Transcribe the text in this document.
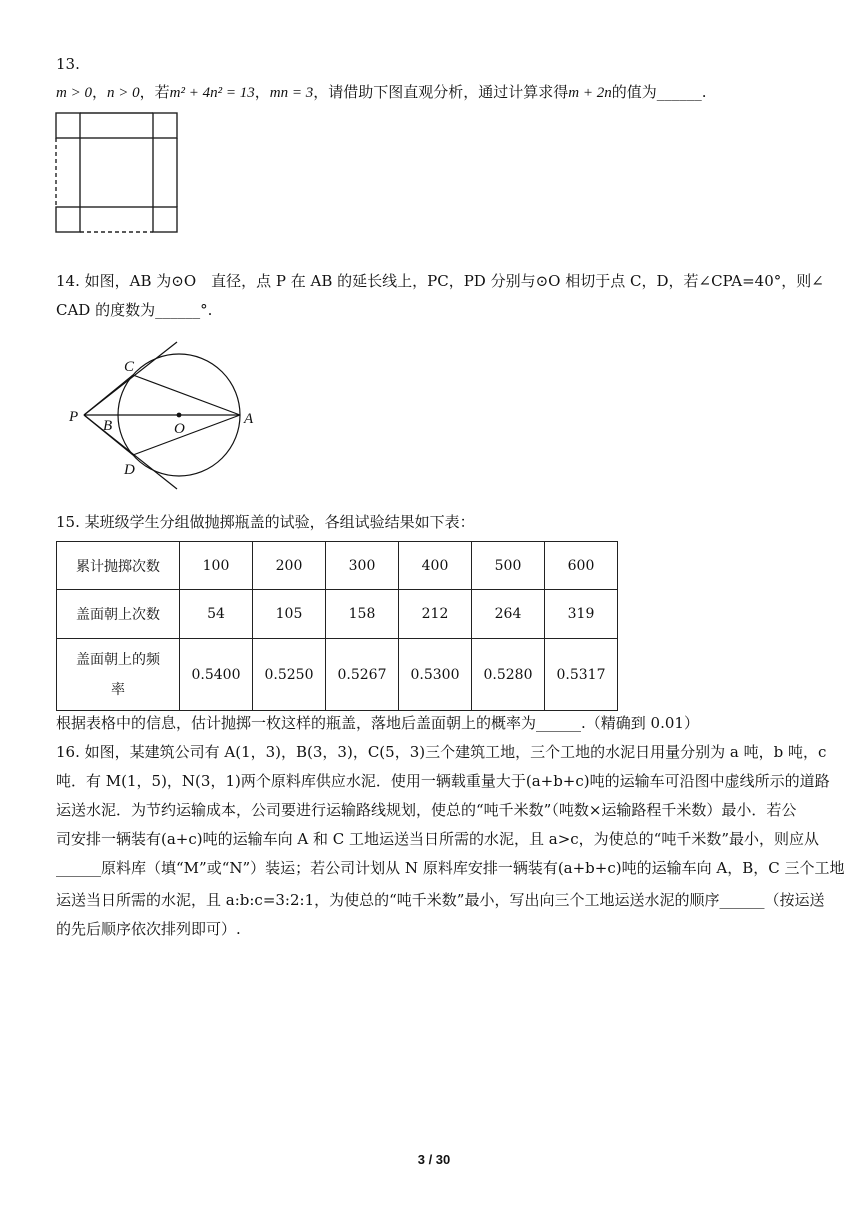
13.
m > 0，n > 0，若m² + 4n² = 13，mn = 3，请借助下图直观分析，通过计算求得m + 2n的值为______.
14. 如图，AB 为⊙O　直径，点 P 在 AB 的延长线上，PC，PD 分别与⊙O 相切于点 C，D，若∠CPA=40°，则∠
CAD 的度数为______°.
C
P
B	O
A
D
15. 某班级学生分组做抛掷瓶盖的试验，各组试验结果如下表：
累计抛掷次数	100	200	300	400	500	600
盖面朝上次数	54	105	158	212	264	319
盖面朝上的频
率	0.5400	0.5250	0.5267	0.5300	0.5280	0.5317
根据表格中的信息，估计抛掷一枚这样的瓶盖，落地后盖面朝上的概率为______.（精确到 0.01）
16. 如图，某建筑公司有 A(1，3)，B(3，3)，C(5，3)三个建筑工地，三个工地的水泥日用量分别为 a 吨，b 吨，c
吨．有 M(1，5)，N(3，1)两个原料库供应水泥．使用一辆载重量大于(a+b+c)吨的运输车可沿图中虚线所示的道路
运送水泥．为节约运输成本，公司要进行运输路线规划，使总的“吨千米数”（吨数×运输路程千米数）最小．若公
司安排一辆装有(a+c)吨的运输车向 A 和 C 工地运送当日所需的水泥，且 a>c，为使总的“吨千米数”最小，则应从
______原料库（填“M”或“N”）装运；若公司计划从 N 原料库安排一辆装有(a+b+c)吨的运输车向 A，B，C 三个工地
运送当日所需的水泥，且 a:b:c=3:2:1，为使总的“吨千米数”最小，写出向三个工地运送水泥的顺序______（按运送
的先后顺序依次排列即可）.
3 / 30
